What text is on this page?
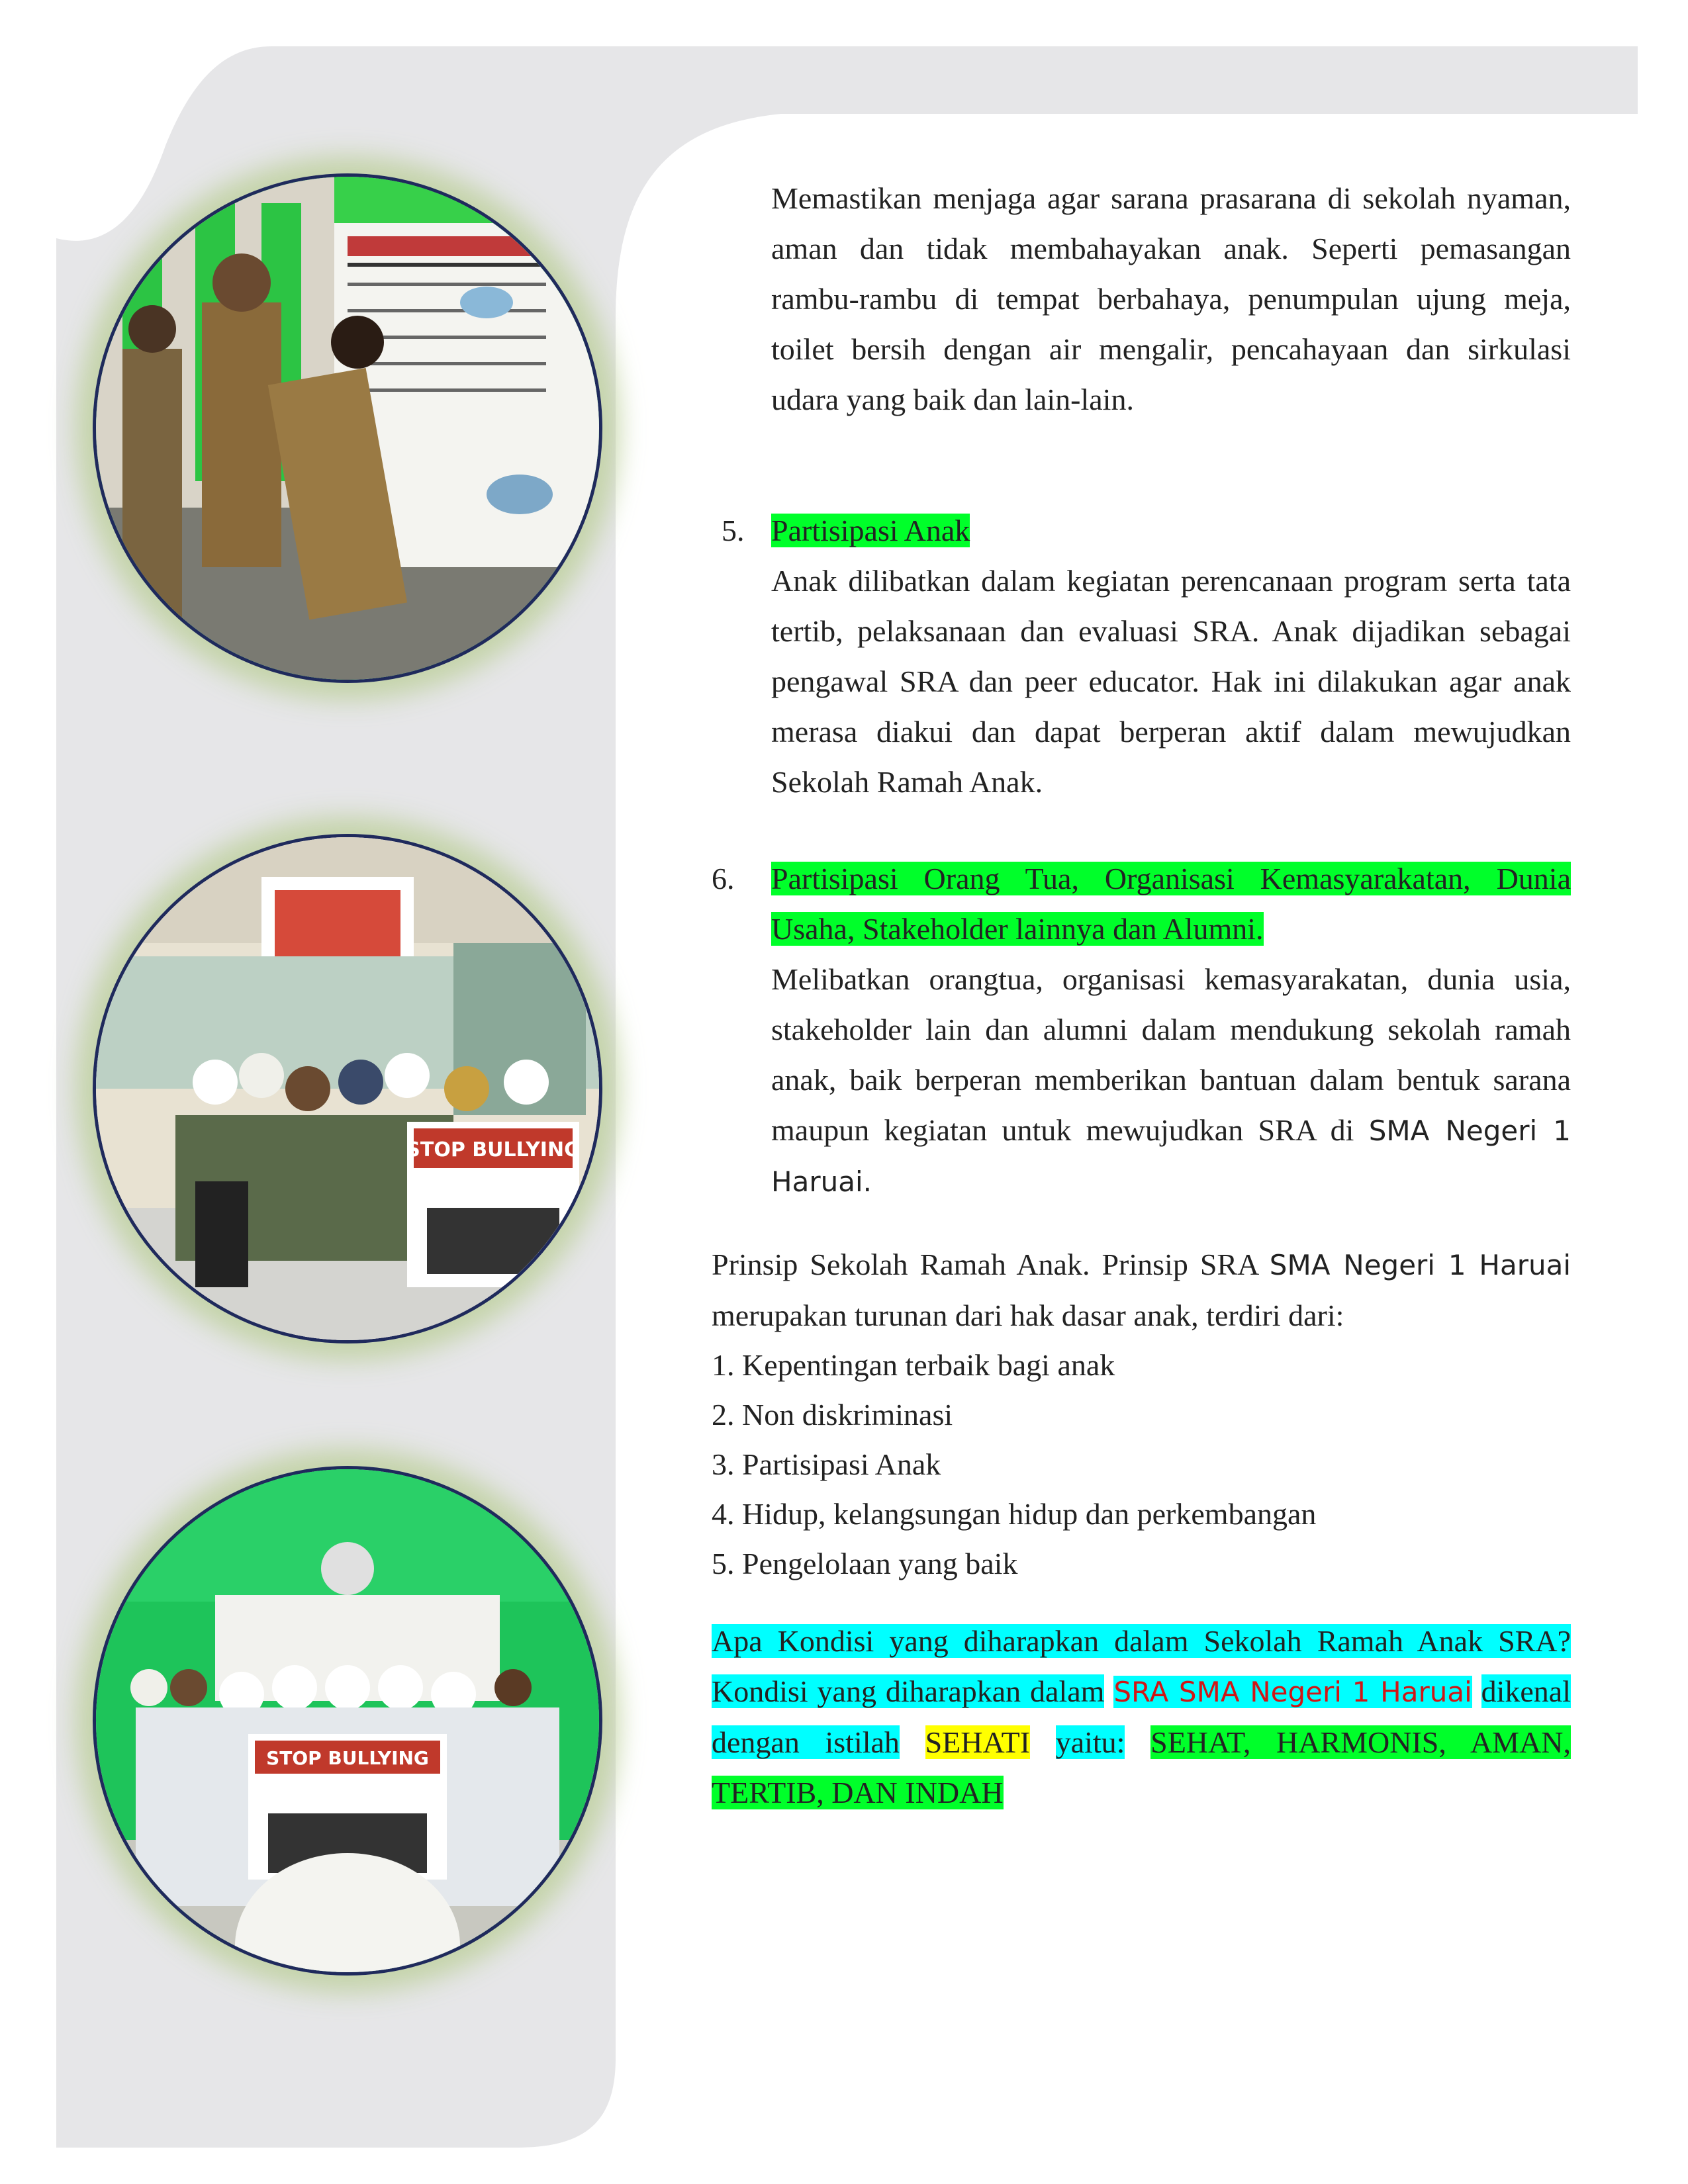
STOP BULLYING
STOP BULLYING

Memastikan menjaga agar sarana prasarana di sekolah nyaman, aman dan tidak membahayakan anak. Seperti pemasangan rambu-rambu di tempat berbahaya, penumpulan ujung meja, toilet bersih dengan air mengalir, pencahayaan dan sirkulasi udara yang baik dan lain-lain.

5. Partisipasi Anak

Anak dilibatkan dalam kegiatan perencanaan program serta tata tertib, pelaksanaan dan evaluasi SRA. Anak dijadikan sebagai pengawal SRA dan peer educator. Hak ini dilakukan agar anak merasa diakui dan dapat berperan aktif dalam mewujudkan Sekolah Ramah Anak.

6. Partisipasi Orang Tua, Organisasi Kemasyarakatan, Dunia Usaha, Stakeholder lainnya dan Alumni.

Melibatkan orangtua, organisasi kemasyarakatan, dunia usia, stakeholder lain dan alumni dalam mendukung sekolah ramah anak, baik berperan memberikan bantuan dalam bentuk sarana maupun kegiatan untuk mewujudkan SRA di SMA Negeri 1 Haruai.

Prinsip Sekolah Ramah Anak. Prinsip SRA SMA Negeri 1 Haruai merupakan turunan dari hak dasar anak, terdiri dari:

1. Kepentingan terbaik bagi anak
2. Non diskriminasi
3. Partisipasi Anak
4. Hidup, kelangsungan hidup dan perkembangan
5. Pengelolaan yang baik

Apa Kondisi yang diharapkan dalam Sekolah Ramah Anak SRA? Kondisi yang diharapkan dalam SRA SMA Negeri 1 Haruai dikenal dengan istilah SEHATI yaitu: SEHAT, HARMONIS, AMAN, TERTIB, DAN INDAH
